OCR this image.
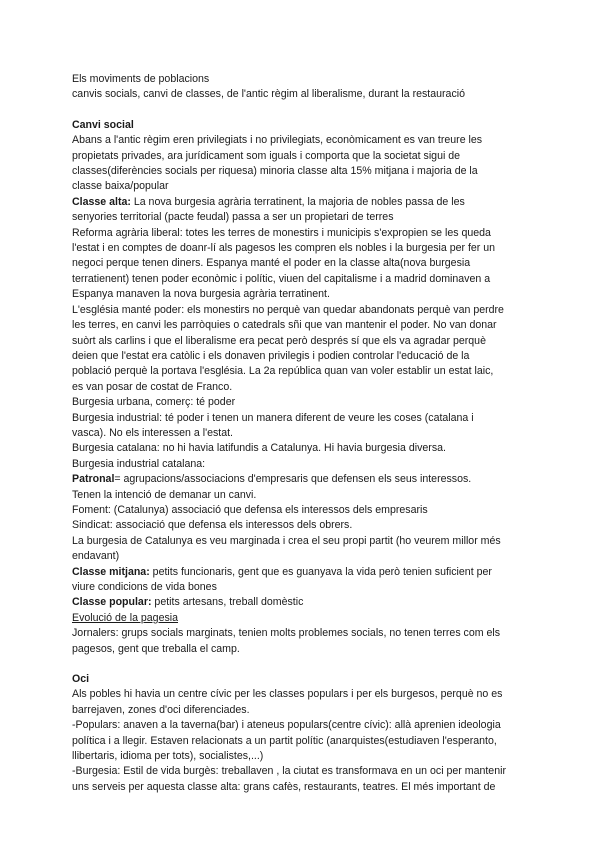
Els moviments de poblacions
canvis socials, canvi de classes, de l'antic règim al liberalisme, durant la restauració
Canvi social
Abans a l'antic règim eren privilegiats i no privilegiats, econòmicament es van treure les
propietats privades, ara jurídicament som iguals i comporta que la societat sigui de
classes(diferències socials per riquesa) minoria classe alta 15% mitjana i majoria de la
classe baixa/popular
Classe alta: La nova burgesia agrària terratinent, la majoria de nobles passa de les
senyories territorial (pacte feudal) passa a ser un propietari de terres
Reforma agrària liberal: totes les terres de monestirs i municipis s'expropien se les queda
l'estat i en comptes de doanr-lí als pagesos les compren els nobles i la burgesia per fer un
negoci perque tenen diners. Espanya manté el poder en la classe alta(nova burgesia
terratienent) tenen poder econòmic i polític, viuen del capitalisme i a madrid dominaven a
Espanya manaven la nova burgesia agrària terratinent.
L'església manté poder: els monestirs no perquè van quedar abandonats perquè van perdre
les terres, en canvi les parròquies o catedrals sñi que van mantenir el poder. No van donar
suòrt als carlins i que el liberalisme era pecat però després sí que els va agradar perquè
deien que l'estat era catòlic i els donaven privilegis i podien controlar l'educació de la
població perquè la portava l'església. La 2a república quan van voler establir un estat laic,
es van posar de costat de Franco.
Burgesia urbana, comerç: té poder
Burgesia industrial: té poder i tenen un manera diferent de veure les coses (catalana i
vasca). No els interessen a l'estat.
Burgesia catalana: no hi havia latifundis a Catalunya. Hi havia burgesia diversa.
Burgesia industrial catalana:
Patronal= agrupacions/associacions d'empresaris que defensen els seus interessos.
Tenen la intenció de demanar un canvi.
Foment: (Catalunya) associació que defensa els interessos dels empresaris
Sindicat: associació que defensa els interessos dels obrers.
La burgesia de Catalunya es veu marginada i crea el seu propi partit (ho veurem millor més
endavant)
Classe mitjana: petits funcionaris, gent que es guanyava la vida però tenien suficient per
viure condicions de vida bones
Classe popular: petits artesans, treball domèstic
Evolució de la pagesia
Jornalers: grups socials marginats, tenien molts problemes socials, no tenen terres com els
pagesos, gent que treballa el camp.
Oci
Als pobles hi havia un centre cívic per les classes populars i per els burgesos, perquè no es
barrejaven, zones d'oci diferenciades.
-Populars: anaven a la taverna(bar) i ateneus populars(centre cívic): allà aprenien ideologia
política i a llegir. Estaven relacionats a un partit polític (anarquistes(estudiaven l'esperanto,
llibertaris, idioma per tots), socialistes,...)
-Burgesia: Estil de vida burgès: treballaven , la ciutat es transformava en un oci per mantenir
uns serveis per aquesta classe alta: grans cafès, restaurants, teatres. El més important de
